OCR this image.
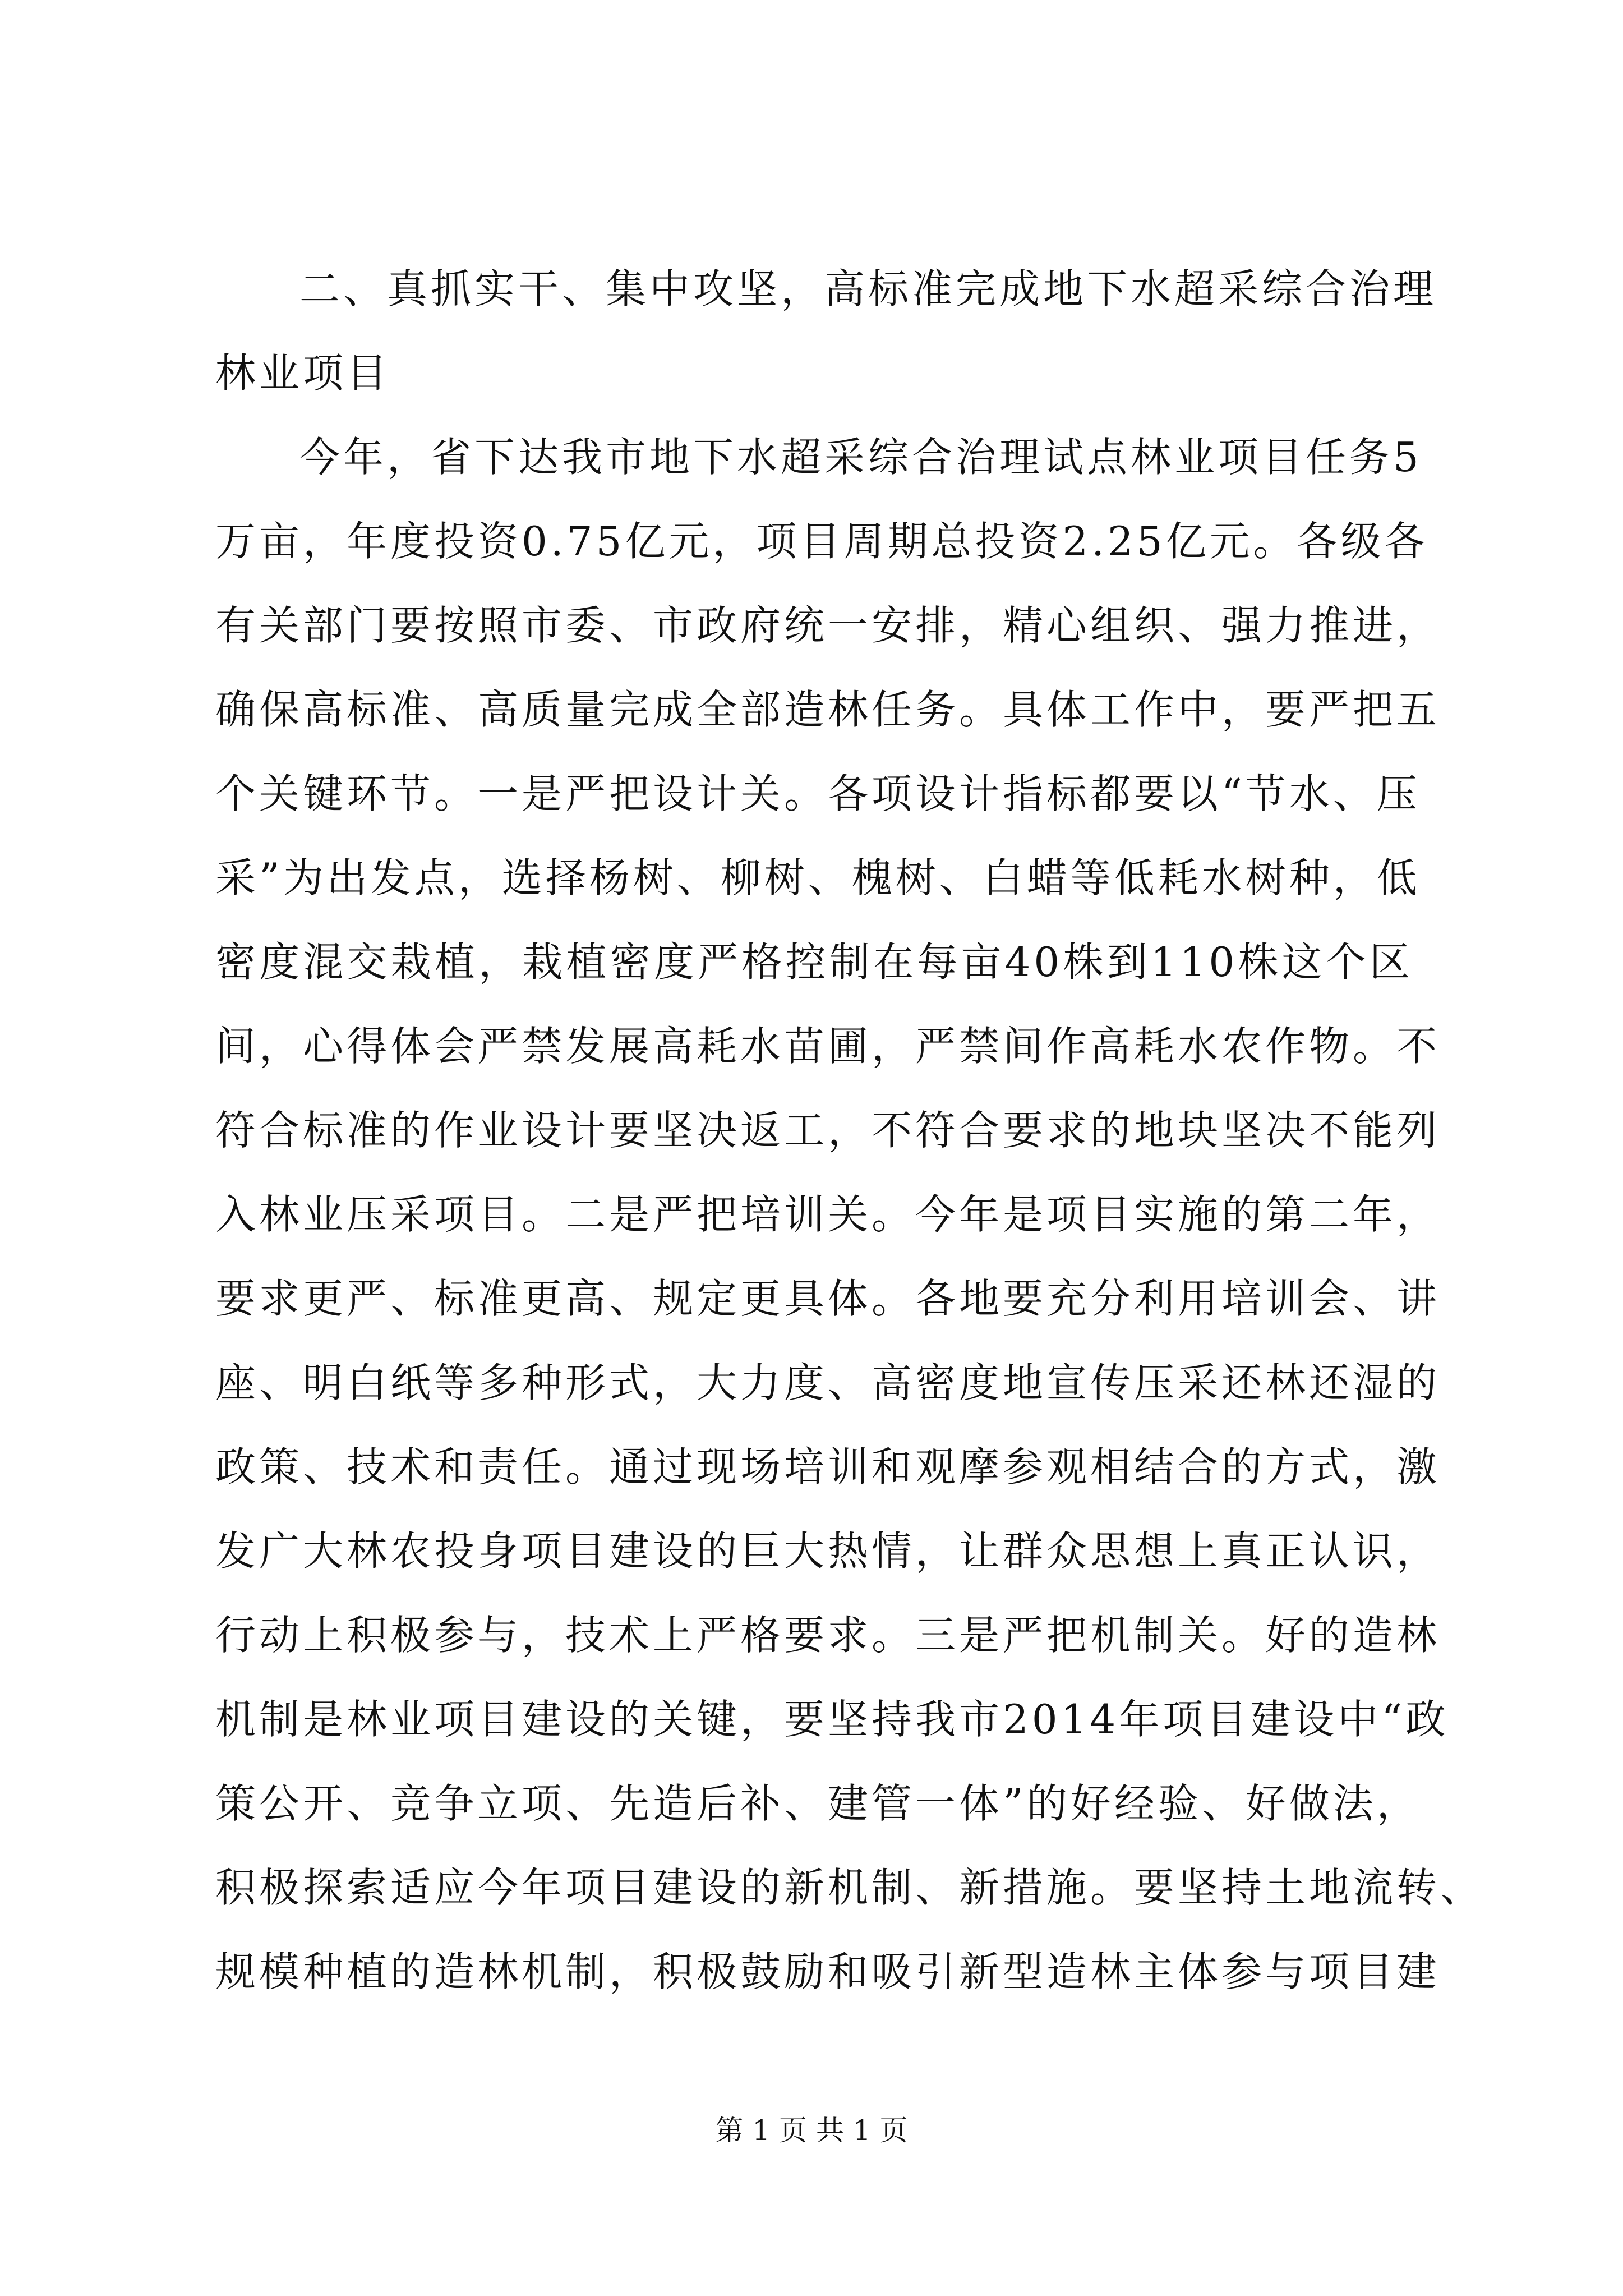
二、真抓实干、集中攻坚，高标准完成地下水超采综合治理
林业项目
今年，省下达我市地下水超采综合治理试点林业项目任务5
万亩，年度投资0.75亿元，项目周期总投资2.25亿元。各级各
有关部门要按照市委、市政府统一安排，精心组织、强力推进，
确保高标准、高质量完成全部造林任务。具体工作中，要严把五
个关键环节。一是严把设计关。各项设计指标都要以“节水、压
采”为出发点，选择杨树、柳树、槐树、白蜡等低耗水树种，低
密度混交栽植，栽植密度严格控制在每亩40株到110株这个区
间，心得体会严禁发展高耗水苗圃，严禁间作高耗水农作物。不
符合标准的作业设计要坚决返工，不符合要求的地块坚决不能列
入林业压采项目。二是严把培训关。今年是项目实施的第二年，
要求更严、标准更高、规定更具体。各地要充分利用培训会、讲
座、明白纸等多种形式，大力度、高密度地宣传压采还林还湿的
政策、技术和责任。通过现场培训和观摩参观相结合的方式，激
发广大林农投身项目建设的巨大热情，让群众思想上真正认识，
行动上积极参与，技术上严格要求。三是严把机制关。好的造林
机制是林业项目建设的关键，要坚持我市2014年项目建设中“政
策公开、竞争立项、先造后补、建管一体”的好经验、好做法，
积极探索适应今年项目建设的新机制、新措施。要坚持土地流转、
规模种植的造林机制，积极鼓励和吸引新型造林主体参与项目建
第 1 页 共 1 页
